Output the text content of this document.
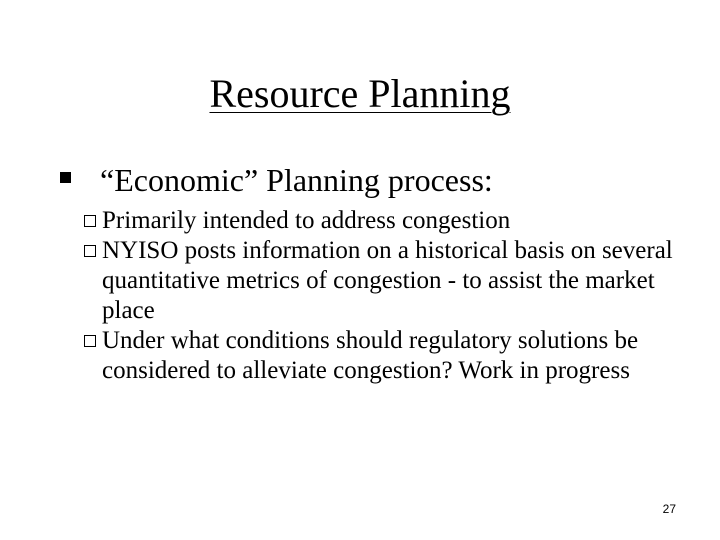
Resource Planning
“Economic” Planning process:

Primarily intended to address congestion

NYISO posts information on a historical basis on several quantitative metrics of congestion - to assist the market place

Under what conditions should regulatory solutions be considered to alleviate congestion? Work in progress

27
